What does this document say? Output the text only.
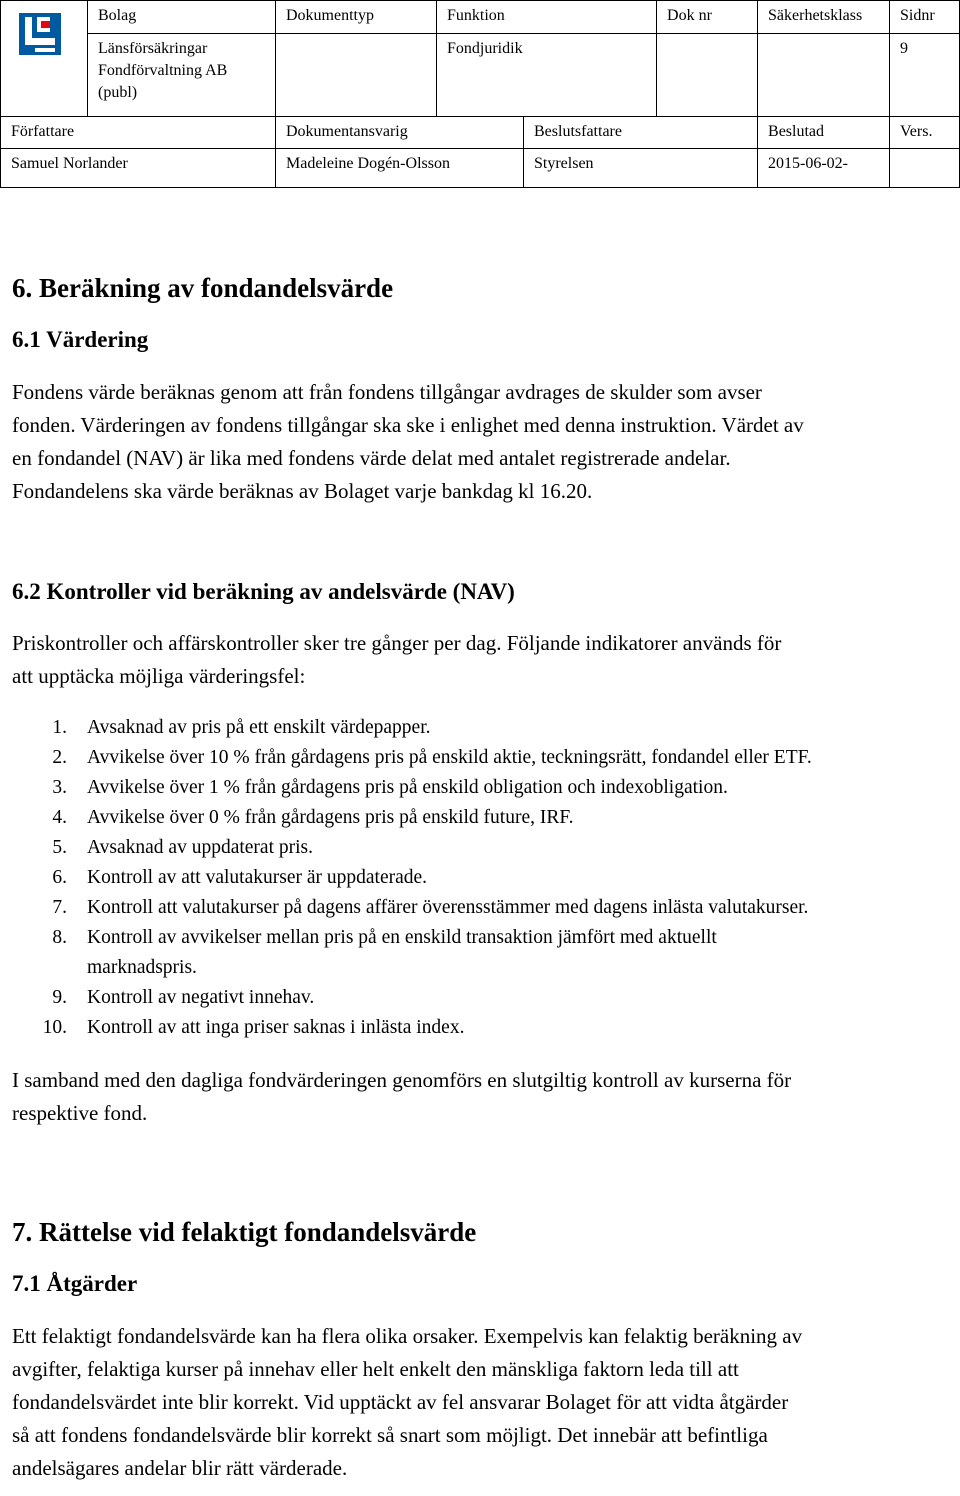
	Bolag	Dokumenttyp	Funktion		Dok nr	Säkerhetsklass	Sidnr

	Länsförsäkringar
Fondförvaltning AB
(publ)		Fondjuridik				9
Författare		Dokumentansvarig		Beslutsfattare		Beslutad	Vers.
Samuel Norlander		Madeleine Dogén-Olsson		Styrelsen		2015-06-02-	
6. Beräkning av fondandelsvärde
6.1 Värdering

Fondens värde beräknas genom att från fondens tillgångar avdrages de skulder som avser
fonden. Värderingen av fondens tillgångar ska ske i enlighet med denna instruktion. Värdet av
en fondandel (NAV) är lika med fondens värde delat med antalet registrerade andelar.
Fondandelens ska värde beräknas av Bolaget varje bankdag kl 16.20.

6.2 Kontroller vid beräkning av andelsvärde (NAV)

Priskontroller och affärskontroller sker tre gånger per dag. Följande indikatorer används för
att upptäcka möjliga värderingsfel:

1. Avsaknad av pris på ett enskilt värdepapper.
2. Avvikelse över 10 % från gårdagens pris på enskild aktie, teckningsrätt, fondandel eller ETF.
3. Avvikelse över 1 % från gårdagens pris på enskild obligation och indexobligation.
4. Avvikelse över 0 % från gårdagens pris på enskild future, IRF.
5. Avsaknad av uppdaterat pris.
6. Kontroll av att valutakurser är uppdaterade.
7. Kontroll att valutakurser på dagens affärer överensstämmer med dagens inlästa valutakurser.
8. Kontroll av avvikelser mellan pris på en enskild transaktion jämfört med aktuellt
marknadspris.
9. Kontroll av negativt innehav.
10. Kontroll av att inga priser saknas i inlästa index.

I samband med den dagliga fondvärderingen genomförs en slutgiltig kontroll av kurserna för
respektive fond.

7. Rättelse vid felaktigt fondandelsvärde
7.1 Åtgärder

Ett felaktigt fondandelsvärde kan ha flera olika orsaker. Exempelvis kan felaktig beräkning av
avgifter, felaktiga kurser på innehav eller helt enkelt den mänskliga faktorn leda till att
fondandelsvärdet inte blir korrekt. Vid upptäckt av fel ansvarar Bolaget för att vidta åtgärder
så att fondens fondandelsvärde blir korrekt så snart som möjligt. Det innebär att befintliga
andelsägares andelar blir rätt värderade.
